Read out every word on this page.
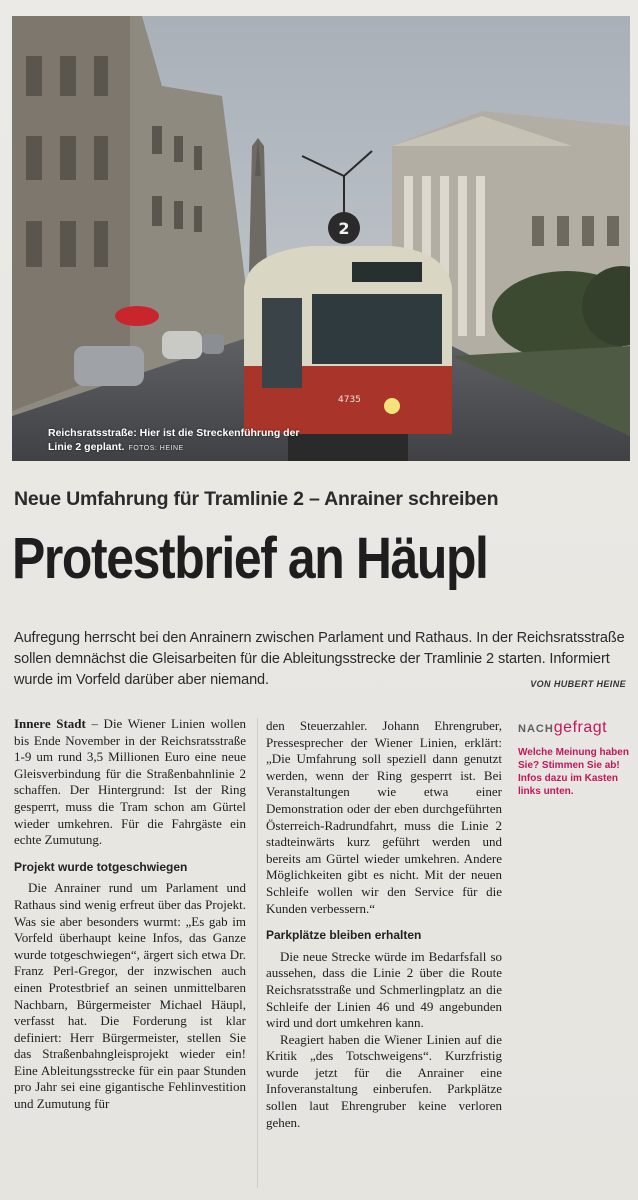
2
4735
Reichsratsstraße: Hier ist die Streckenführung der Linie 2 geplant. FOTOS: HEINE
Neue Umfahrung für Tramlinie 2 – Anrainer schreiben
Protestbrief an Häupl
Aufregung herrscht bei den Anrainern zwischen Parlament und Rathaus. In der Reichsratsstraße sollen demnächst die Gleisarbeiten für die Ableitungsstrecke der Tramlinie 2 starten. Informiert wurde im Vorfeld darüber aber niemand.	VON HUBERT HEINE

Innere Stadt – Die Wiener Linien wollen bis Ende November in der Reichsratsstraße 1-9 um rund 3,5 Millionen Euro eine neue Gleisverbindung für die Straßenbahnlinie 2 schaffen. Der Hintergrund: Ist der Ring gesperrt, muss die Tram schon am Gürtel wieder umkehren. Für die Fahrgäste ein echte Zumutung.

Projekt wurde totgeschwiegen

Die Anrainer rund um Parlament und Rathaus sind wenig erfreut über das Projekt. Was sie aber besonders wurmt: „Es gab im Vorfeld überhaupt keine Infos, das Ganze wurde totgeschwiegen“, ärgert sich etwa Dr. Franz Perl-Gregor, der inzwischen auch einen Protestbrief an seinen unmittelbaren Nachbarn, Bürgermeister Michael Häupl, verfasst hat. Die Forderung ist klar definiert: Herr Bürgermeister, stellen Sie das Straßenbahngleisprojekt wieder ein! Eine Ableitungsstrecke für ein paar Stunden pro Jahr sei eine gigantische Fehlinvestition und Zumutung für

den Steuerzahler. Johann Ehrengruber, Pressesprecher der Wiener Linien, erklärt: „Die Umfahrung soll speziell dann genutzt werden, wenn der Ring gesperrt ist. Bei Veranstaltungen wie etwa einer Demonstration oder der eben durchgeführten Österreich-Radrundfahrt, muss die Linie 2 stadteinwärts kurz geführt werden und bereits am Gürtel wieder umkehren. Andere Möglichkeiten gibt es nicht. Mit der neuen Schleife wollen wir den Service für die Kunden verbessern.“

Parkplätze bleiben erhalten

Die neue Strecke würde im Bedarfsfall so aussehen, dass die Linie 2 über die Route Reichsratsstraße und Schmerlingplatz an die Schleife der Linien 46 und 49 angebunden wird und dort umkehren kann.

Reagiert haben die Wiener Linien auf die Kritik „des Totschweigens“. Kurzfristig wurde jetzt für die Anrainer eine Infoveranstaltung einberufen. Parkplätze sollen laut Ehrengruber keine verloren gehen.

NACHgefragt
Welche Meinung haben Sie? Stimmen Sie ab! Infos dazu im Kasten links unten.
